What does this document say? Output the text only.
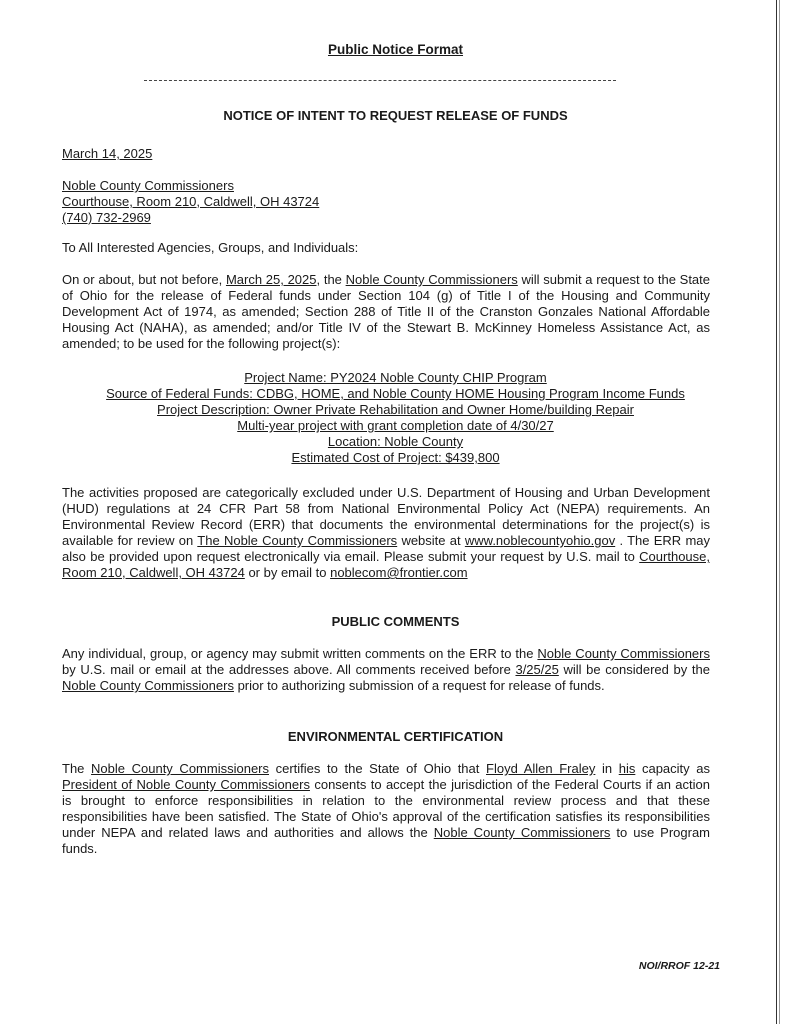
Public Notice Format
NOTICE OF INTENT TO REQUEST RELEASE OF FUNDS
March 14, 2025
Noble County Commissioners
Courthouse, Room 210, Caldwell, OH 43724
(740) 732-2969
To All Interested Agencies, Groups, and Individuals:
On or about, but not before, March 25, 2025, the Noble County Commissioners will submit a request to the State of Ohio for the release of Federal funds under Section 104 (g) of Title I of the Housing and Community Development Act of 1974, as amended; Section 288 of Title II of the Cranston Gonzales National Affordable Housing Act (NAHA), as amended; and/or Title IV of the Stewart B. McKinney Homeless Assistance Act, as amended; to be used for the following project(s):
Project Name: PY2024 Noble County CHIP Program
Source of Federal Funds: CDBG, HOME, and Noble County HOME Housing Program Income Funds
Project Description: Owner Private Rehabilitation and Owner Home/building Repair
Multi-year project with grant completion date of 4/30/27
Location: Noble County
Estimated Cost of Project: $439,800
The activities proposed are categorically excluded under U.S. Department of Housing and Urban Development (HUD) regulations at 24 CFR Part 58 from National Environmental Policy Act (NEPA) requirements. An Environmental Review Record (ERR) that documents the environmental determinations for the project(s) is available for review on The Noble County Commissioners website at www.noblecountyohio.gov . The ERR may also be provided upon request electronically via email. Please submit your request by U.S. mail to Courthouse, Room 210, Caldwell, OH 43724 or by email to noblecom@frontier.com
PUBLIC COMMENTS
Any individual, group, or agency may submit written comments on the ERR to the Noble County Commissioners by U.S. mail or email at the addresses above. All comments received before 3/25/25 will be considered by the Noble County Commissioners prior to authorizing submission of a request for release of funds.
ENVIRONMENTAL CERTIFICATION
The Noble County Commissioners certifies to the State of Ohio that Floyd Allen Fraley in his capacity as President of Noble County Commissioners consents to accept the jurisdiction of the Federal Courts if an action is brought to enforce responsibilities in relation to the environmental review process and that these responsibilities have been satisfied. The State of Ohio's approval of the certification satisfies its responsibilities under NEPA and related laws and authorities and allows the Noble County Commissioners to use Program funds.
NOI/RROF 12-21
